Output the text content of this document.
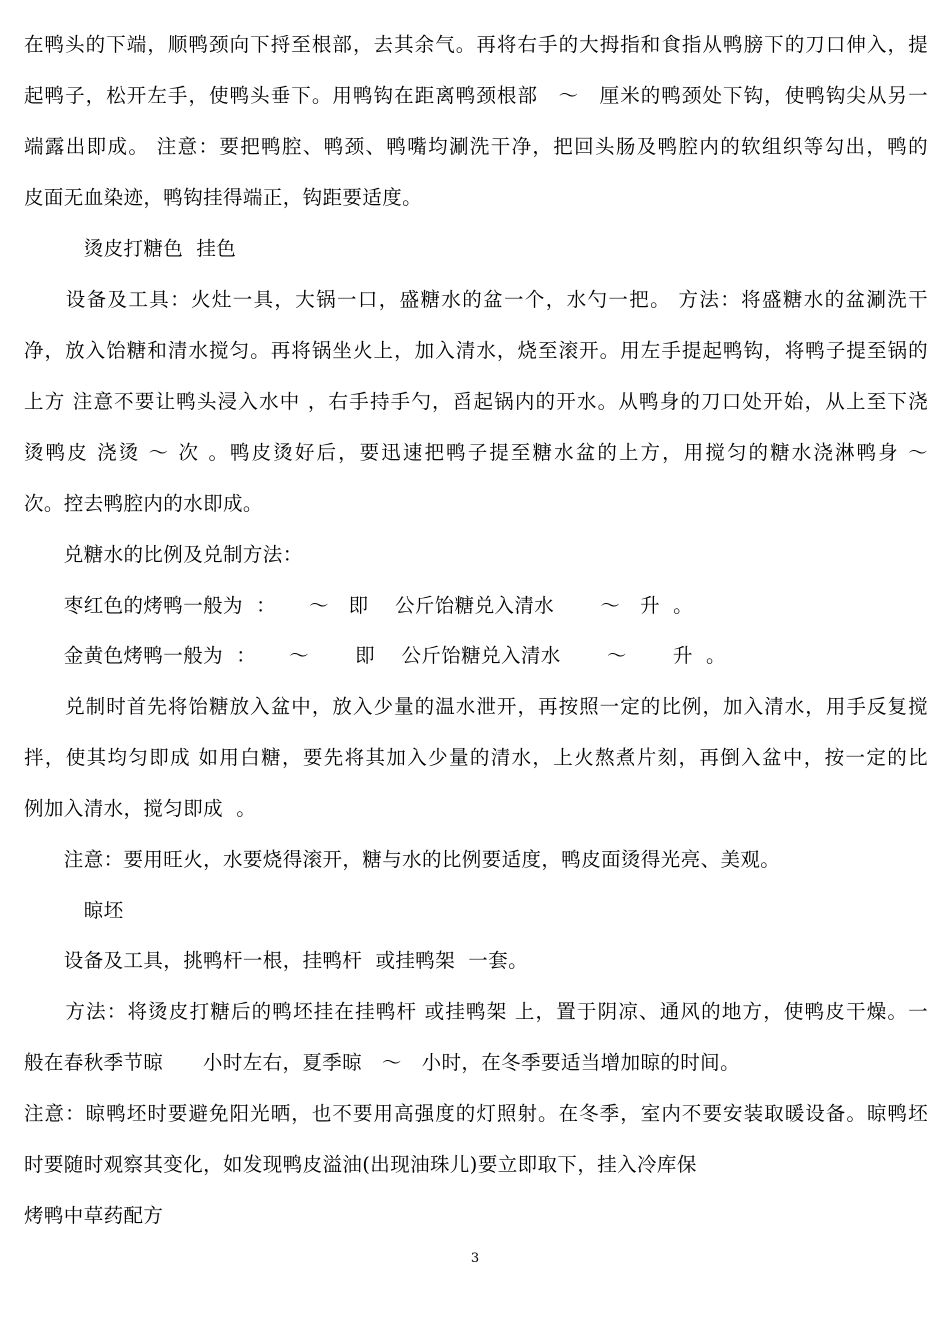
在鸭头的下端，顺鸭颈向下捋至根部，去其余气。再将右手的大拇指和食指从鸭膀下的刀口伸入，提
起鸭子，松开左手，使鸭头垂下。用鸭钩在距离鸭颈根部　～　厘米的鸭颈处下钩，使鸭钩尖从另一
端露出即成。 注意：要把鸭腔、鸭颈、鸭嘴均涮洗干净，把回头肠及鸭腔内的软组织等勾出，鸭的
皮面无血染迹，鸭钩挂得端正，钩距要适度。
　　　烫皮打糖色  挂色
　　设备及工具：火灶一具，大锅一口，盛糖水的盆一个，水勺一把。 方法：将盛糖水的盆涮洗干
净，放入饴糖和清水搅匀。再将锅坐火上，加入清水，烧至滚开。用左手提起鸭钩，将鸭子提至锅的
上方 注意不要让鸭头浸入水中 ，右手持手勺，舀起锅内的开水。从鸭身的刀口处开始，从上至下浇
烫鸭皮 浇烫 ～ 次 。鸭皮烫好后，要迅速把鸭子提至糖水盆的上方，用搅匀的糖水浇淋鸭身 ～
次。控去鸭腔内的水即成。
　　兑糖水的比例及兑制方法：
　　枣红色的烤鸭一般为  ：     ～   即    公斤饴糖兑入清水       ～   升  。
　　金黄色烤鸭一般为  ：     ～       即    公斤饴糖兑入清水       ～       升  。
　　兑制时首先将饴糖放入盆中，放入少量的温水泄开，再按照一定的比例，加入清水，用手反复搅
拌，使其均匀即成 如用白糖，要先将其加入少量的清水，上火熬煮片刻，再倒入盆中，按一定的比
例加入清水，搅匀即成  。
　　注意：要用旺火，水要烧得滚开，糖与水的比例要适度，鸭皮面烫得光亮、美观。
　　　晾坯
　　设备及工具，挑鸭杆一根，挂鸭杆  或挂鸭架  一套。
　　方法：将烫皮打糖后的鸭坯挂在挂鸭杆 或挂鸭架 上，置于阴凉、通风的地方，使鸭皮干燥。一
般在春秋季节晾      小时左右，夏季晾   ～   小时，在冬季要适当增加晾的时间。
注意：晾鸭坯时要避免阳光晒，也不要用高强度的灯照射。在冬季，室内不要安装取暖设备。晾鸭坯
时要随时观察其变化，如发现鸭皮溢油(出现油珠儿)要立即取下，挂入冷库保
烤鸭中草药配方
3
